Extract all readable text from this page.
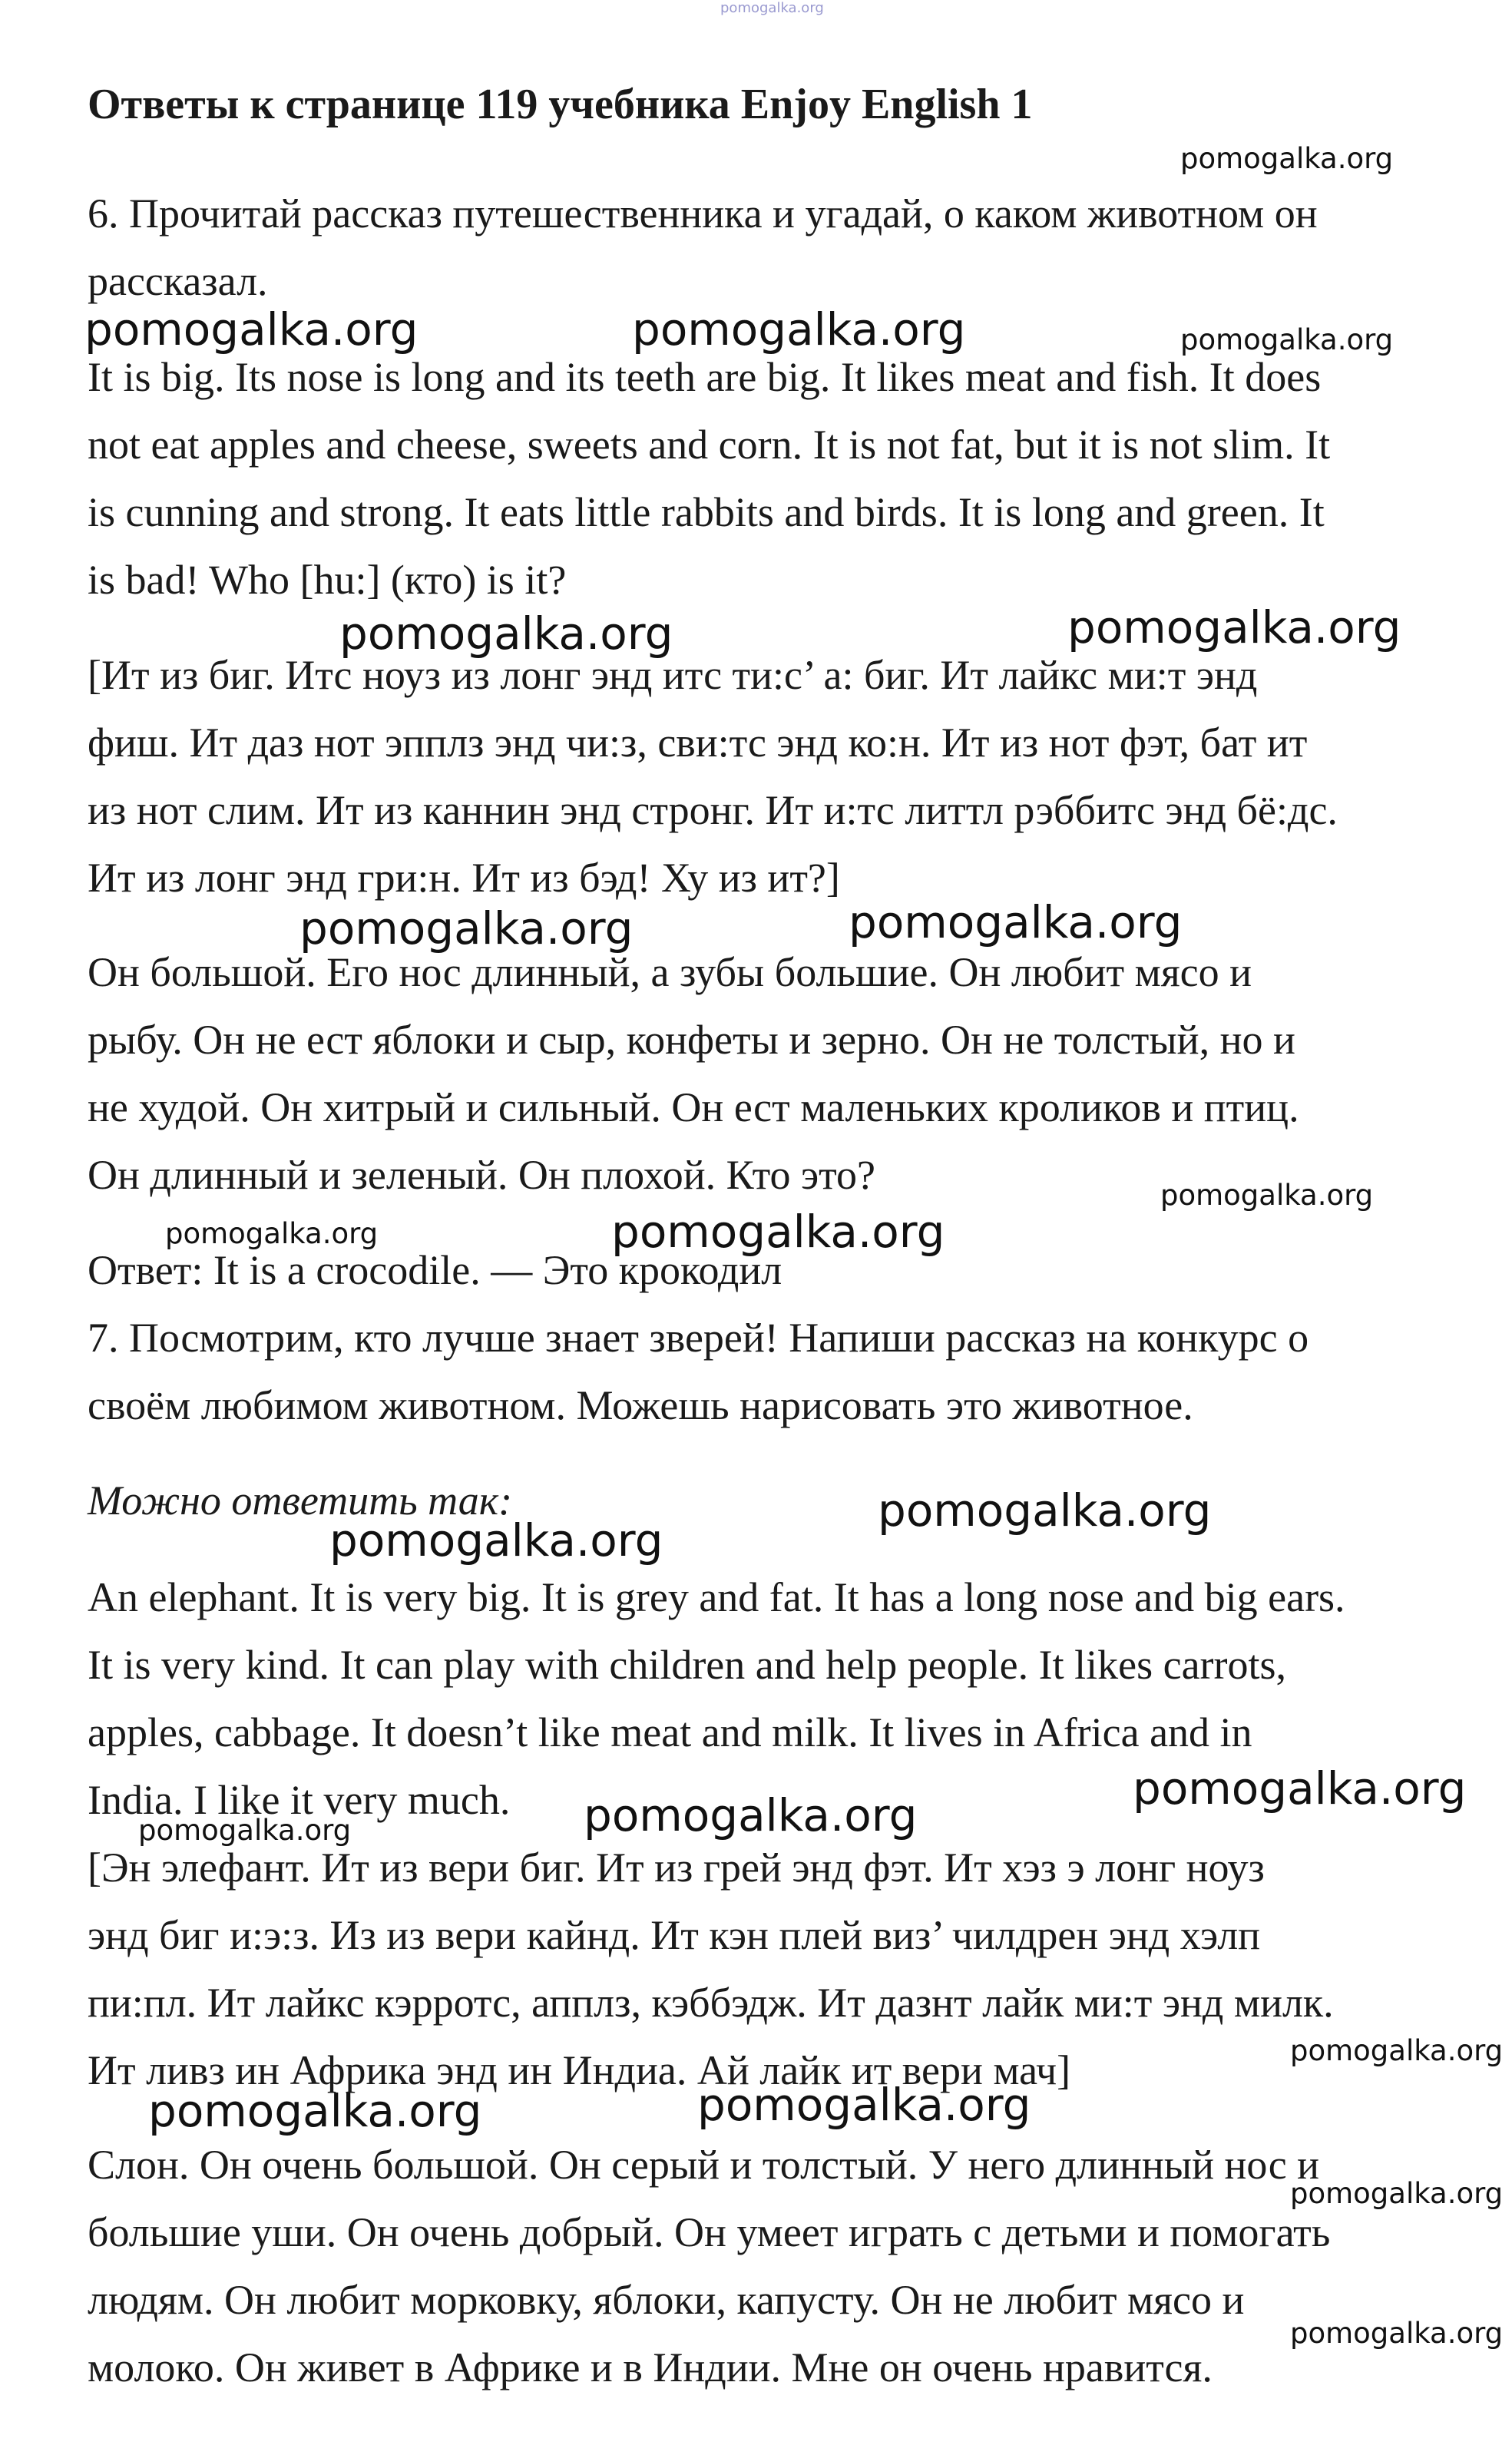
pomogalka.org
Ответы к странице 119 учебника Enjoy English 1
6. Прочитай рассказ путешественника и угадай, о каком животном он
рассказал.
It is big. Its nose is long and its teeth are big. It likes meat and fish. It does
not eat apples and cheese, sweets and corn. It is not fat, but it is not slim. It
is cunning and strong. It eats little rabbits and birds. It is long and green. It
is bad! Who [hu:] (кто) is it?
[Ит из биг. Итс ноуз из лонг энд итс ти:с’ а: биг. Ит лайкс ми:т энд
фиш. Ит даз нот эпплз энд чи:з, сви:тс энд ко:н. Ит из нот фэт, бат ит
из нот слим. Ит из каннин энд стронг. Ит и:тс литтл рэббитс энд бё:дс.
Ит из лонг энд гри:н. Ит из бэд! Ху из ит?]
Он большой. Его нос длинный, а зубы большие. Он любит мясо и
рыбу. Он не ест яблоки и сыр, конфеты и зерно. Он не толстый, но и
не худой. Он хитрый и сильный. Он ест маленьких кроликов и птиц.
Он длинный и зеленый. Он плохой. Кто это?
Ответ: It is a crocodile. — Это крокодил
7. Посмотрим, кто лучше знает зверей! Напиши рассказ на конкурс о
своём любимом животном. Можешь нарисовать это животное.
Можно ответить так:
An elephant. It is very big. It is grey and fat. It has a long nose and big ears.
It is very kind. It can play with children and help people. It likes carrots,
apples, cabbage. It doesn’t like meat and milk. It lives in Africa and in
India. I like it very much.
[Эн элефант. Ит из вери биг. Ит из грей энд фэт. Ит хэз э лонг ноуз
энд биг и:э:з. Из из вери кайнд. Ит кэн плей виз’ чилдрен энд хэлп
пи:пл. Ит лайкс кэрротс, апплз, кэббэдж. Ит дазнт лайк ми:т энд милк.
Ит ливз ин Африка энд ин Индиа. Ай лайк ит вери мач]
Слон. Он очень большой. Он серый и толстый. У него длинный нос и
большие уши. Он очень добрый. Он умеет играть с детьми и помогать
людям. Он любит морковку, яблоки, капусту. Он не любит мясо и
молоко. Он живет в Африке и в Индии. Мне он очень нравится.
pomogalka.org
pomogalka.org	pomogalka.org	pomogalka.org
pomogalka.org	pomogalka.org
pomogalka.org	pomogalka.org
pomogalka.org
pomogalka.org	pomogalka.org
pomogalka.org
pomogalka.org
pomogalka.org
pomogalka.org
pomogalka.org
pomogalka.org
pomogalka.org
pomogalka.org
pomogalka.org
pomogalka.org
